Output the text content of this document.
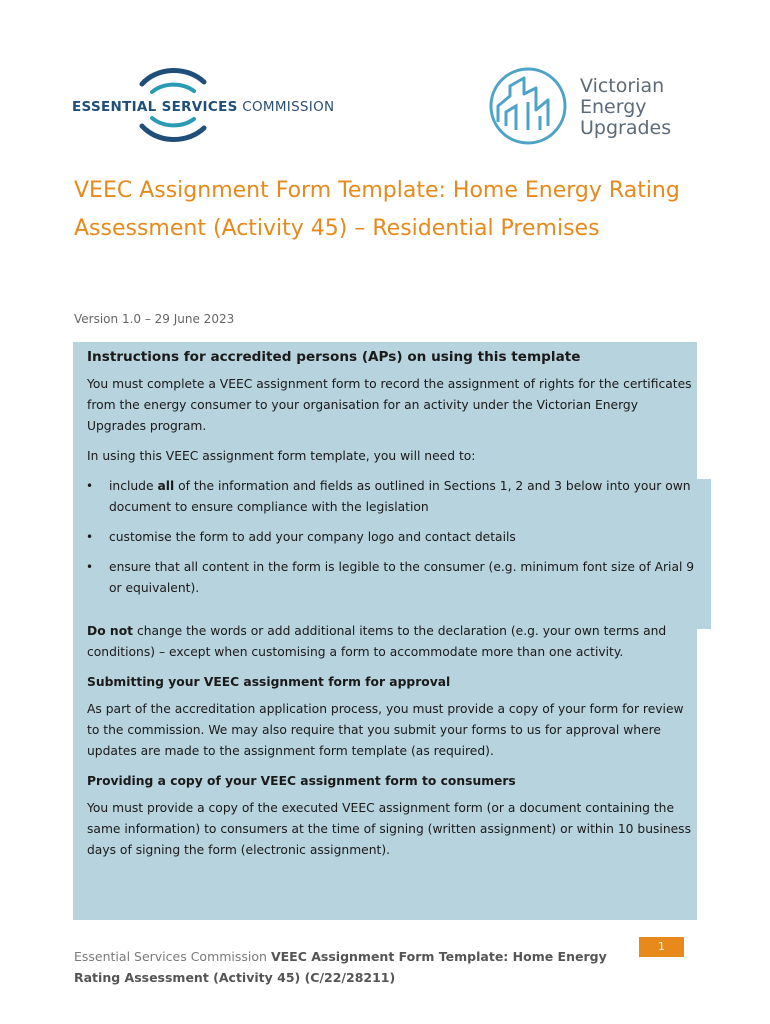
ESSENTIAL SERVICES COMMISSION
Victorian
Energy
Upgrades
VEEC Assignment Form Template: Home Energy Rating Assessment (Activity 45) – Residential Premises
Version 1.0 – 29 June 2023
Instructions for accredited persons (APs) on using this template

You must complete a VEEC assignment form to record the assignment of rights for the certificates from the energy consumer to your organisation for an activity under the Victorian Energy Upgrades program.

In using this VEEC assignment form template, you will need to:

• include all of the information and fields as outlined in Sections 1, 2 and 3 below into your own document to ensure compliance with the legislation
• customise the form to add your company logo and contact details
• ensure that all content in the form is legible to the consumer (e.g. minimum font size of Arial 9 or equivalent).

Do not change the words or add additional items to the declaration (e.g. your own terms and conditions) – except when customising a form to accommodate more than one activity.

Submitting your VEEC assignment form for approval

As part of the accreditation application process, you must provide a copy of your form for review to the commission. We may also require that you submit your forms to us for approval where updates are made to the assignment form template (as required).

Providing a copy of your VEEC assignment form to consumers

You must provide a copy of the executed VEEC assignment form (or a document containing the same information) to consumers at the time of signing (written assignment) or within 10 business days of signing the form (electronic assignment).

Essential Services Commission VEEC Assignment Form Template: Home Energy Rating Assessment (Activity 45) (C/22/28211)
1
